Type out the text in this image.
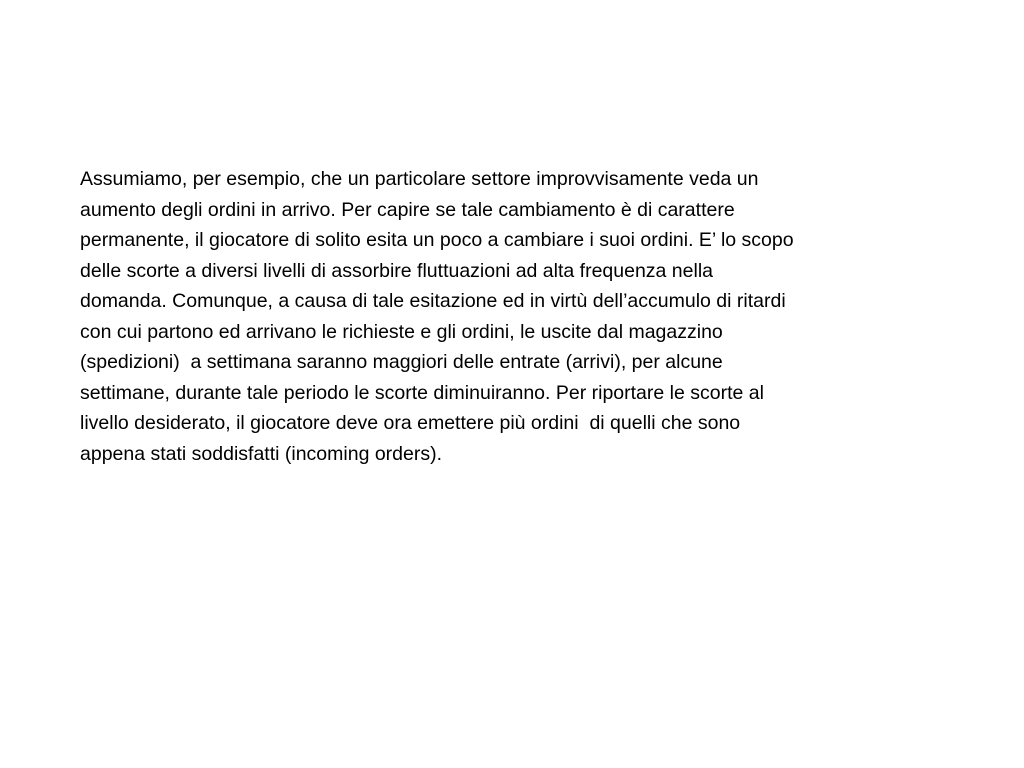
Assumiamo, per esempio, che un particolare settore improvvisamente veda un
aumento degli ordini in arrivo. Per capire se tale cambiamento è di carattere
permanente, il giocatore di solito esita un poco a cambiare i suoi ordini. E’ lo scopo
delle scorte a diversi livelli di assorbire fluttuazioni ad alta frequenza nella
domanda. Comunque, a causa di tale esitazione ed in virtù dell’accumulo di ritardi
con cui partono ed arrivano le richieste e gli ordini, le uscite dal magazzino
(spedizioni)  a settimana saranno maggiori delle entrate (arrivi), per alcune
settimane, durante tale periodo le scorte diminuiranno. Per riportare le scorte al
livello desiderato, il giocatore deve ora emettere più ordini  di quelli che sono
appena stati soddisfatti (incoming orders).
